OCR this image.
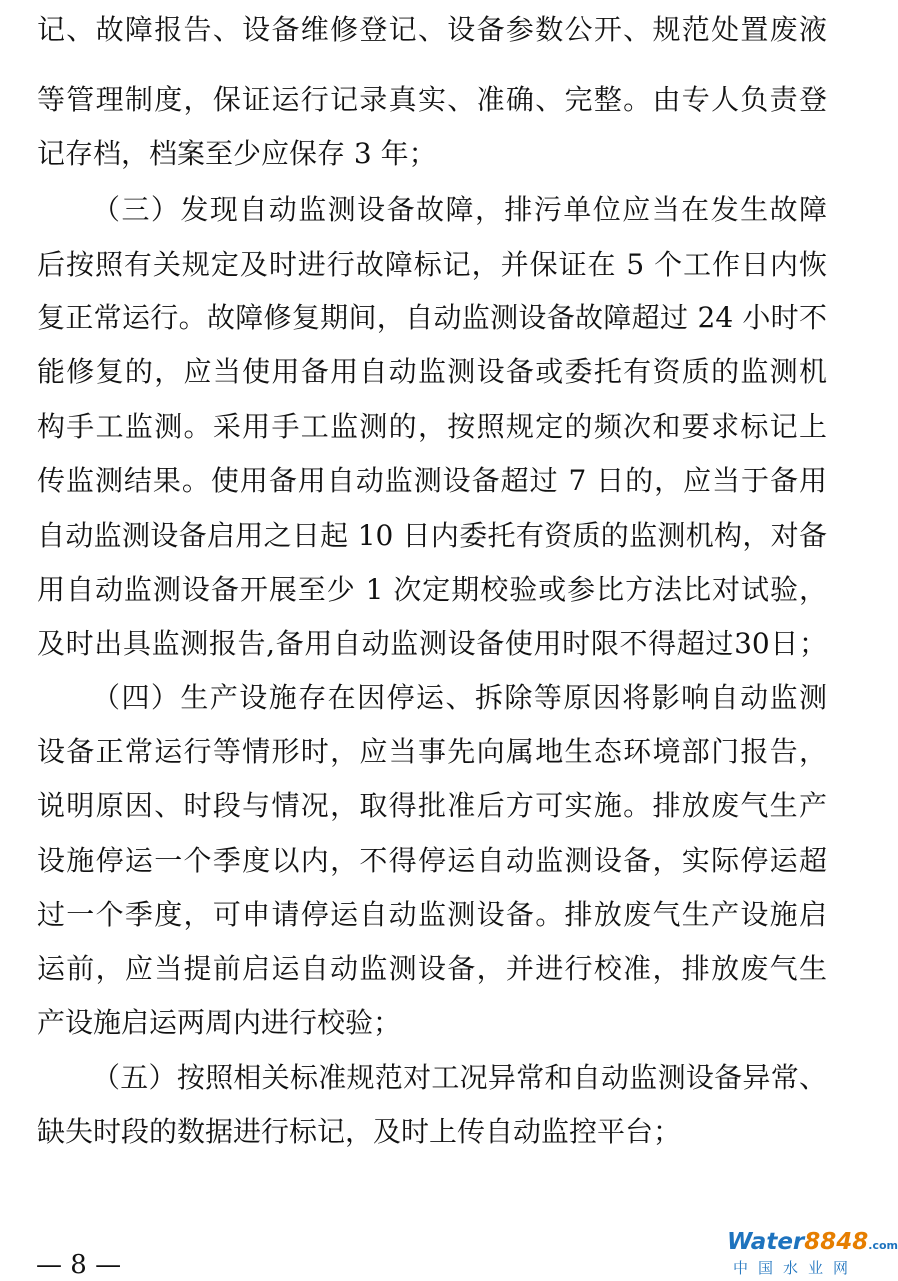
记、故障报告、设备维修登记、设备参数公开、规范处置废液
等管理制度，保证运行记录真实、准确、完整。由专人负责登
记存档，档案至少应保存 3 年；
（三）发现自动监测设备故障，排污单位应当在发生故障
后按照有关规定及时进行故障标记，并保证在 5 个工作日内恢
复正常运行。故障修复期间，自动监测设备故障超过 24 小时不
能修复的，应当使用备用自动监测设备或委托有资质的监测机
构手工监测。采用手工监测的，按照规定的频次和要求标记上
传监测结果。使用备用自动监测设备超过 7 日的，应当于备用
自动监测设备启用之日起 10 日内委托有资质的监测机构，对备
用自动监测设备开展至少 1 次定期校验或参比方法比对试验，
及时出具监测报告,备用自动监测设备使用时限不得超过30日；
（四）生产设施存在因停运、拆除等原因将影响自动监测
设备正常运行等情形时，应当事先向属地生态环境部门报告，
说明原因、时段与情况，取得批准后方可实施。排放废气生产
设施停运一个季度以内，不得停运自动监测设备，实际停运超
过一个季度，可申请停运自动监测设备。排放废气生产设施启
运前，应当提前启运自动监测设备，并进行校准，排放废气生
产设施启运两周内进行校验；
（五）按照相关标准规范对工况异常和自动监测设备异常、
缺失时段的数据进行标记，及时上传自动监控平台；
— 8 —
Water8848.com
中国水业网
